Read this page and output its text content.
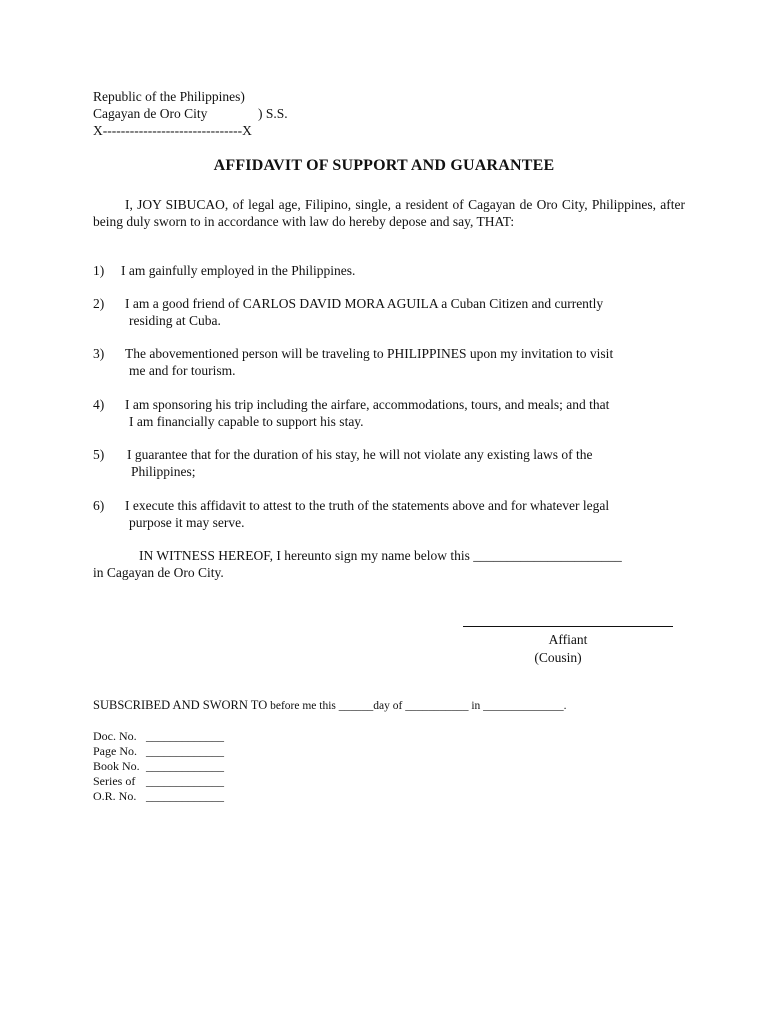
Republic of the Philippines)
Cagayan de Oro City	) S.S.
X-------------------------------X
AFFIDAVIT OF SUPPORT AND GUARANTEE
I, JOY SIBUCAO, of legal age, Filipino, single, a resident of Cagayan de Oro City, Philippines, after being duly sworn to in accordance with law do hereby depose and say, THAT:
1) I am gainfully employed in the Philippines.
2) I am a good friend of CARLOS DAVID MORA AGUILA a Cuban Citizen and currently
residing at Cuba.
3) The abovementioned person will be traveling to PHILIPPINES upon my invitation to visit
me and for tourism.
4) I am sponsoring his trip including the airfare, accommodations, tours, and meals; and that
I am financially capable to support his stay.
5) I guarantee that for the duration of his stay, he will not violate any existing laws of the
Philippines;
6) I execute this affidavit to attest to the truth of the statements above and for whatever legal
purpose it may serve.
IN WITNESS HEREOF, I hereunto sign my name below this ______________________
in Cagayan de Oro City.
Affiant
(Cousin)
SUBSCRIBED AND SWORN TO before me this ______day of ___________ in ______________.
Doc. No. _____________
Page No. _____________
Book No. _____________
Series of _____________
O.R. No. _____________
